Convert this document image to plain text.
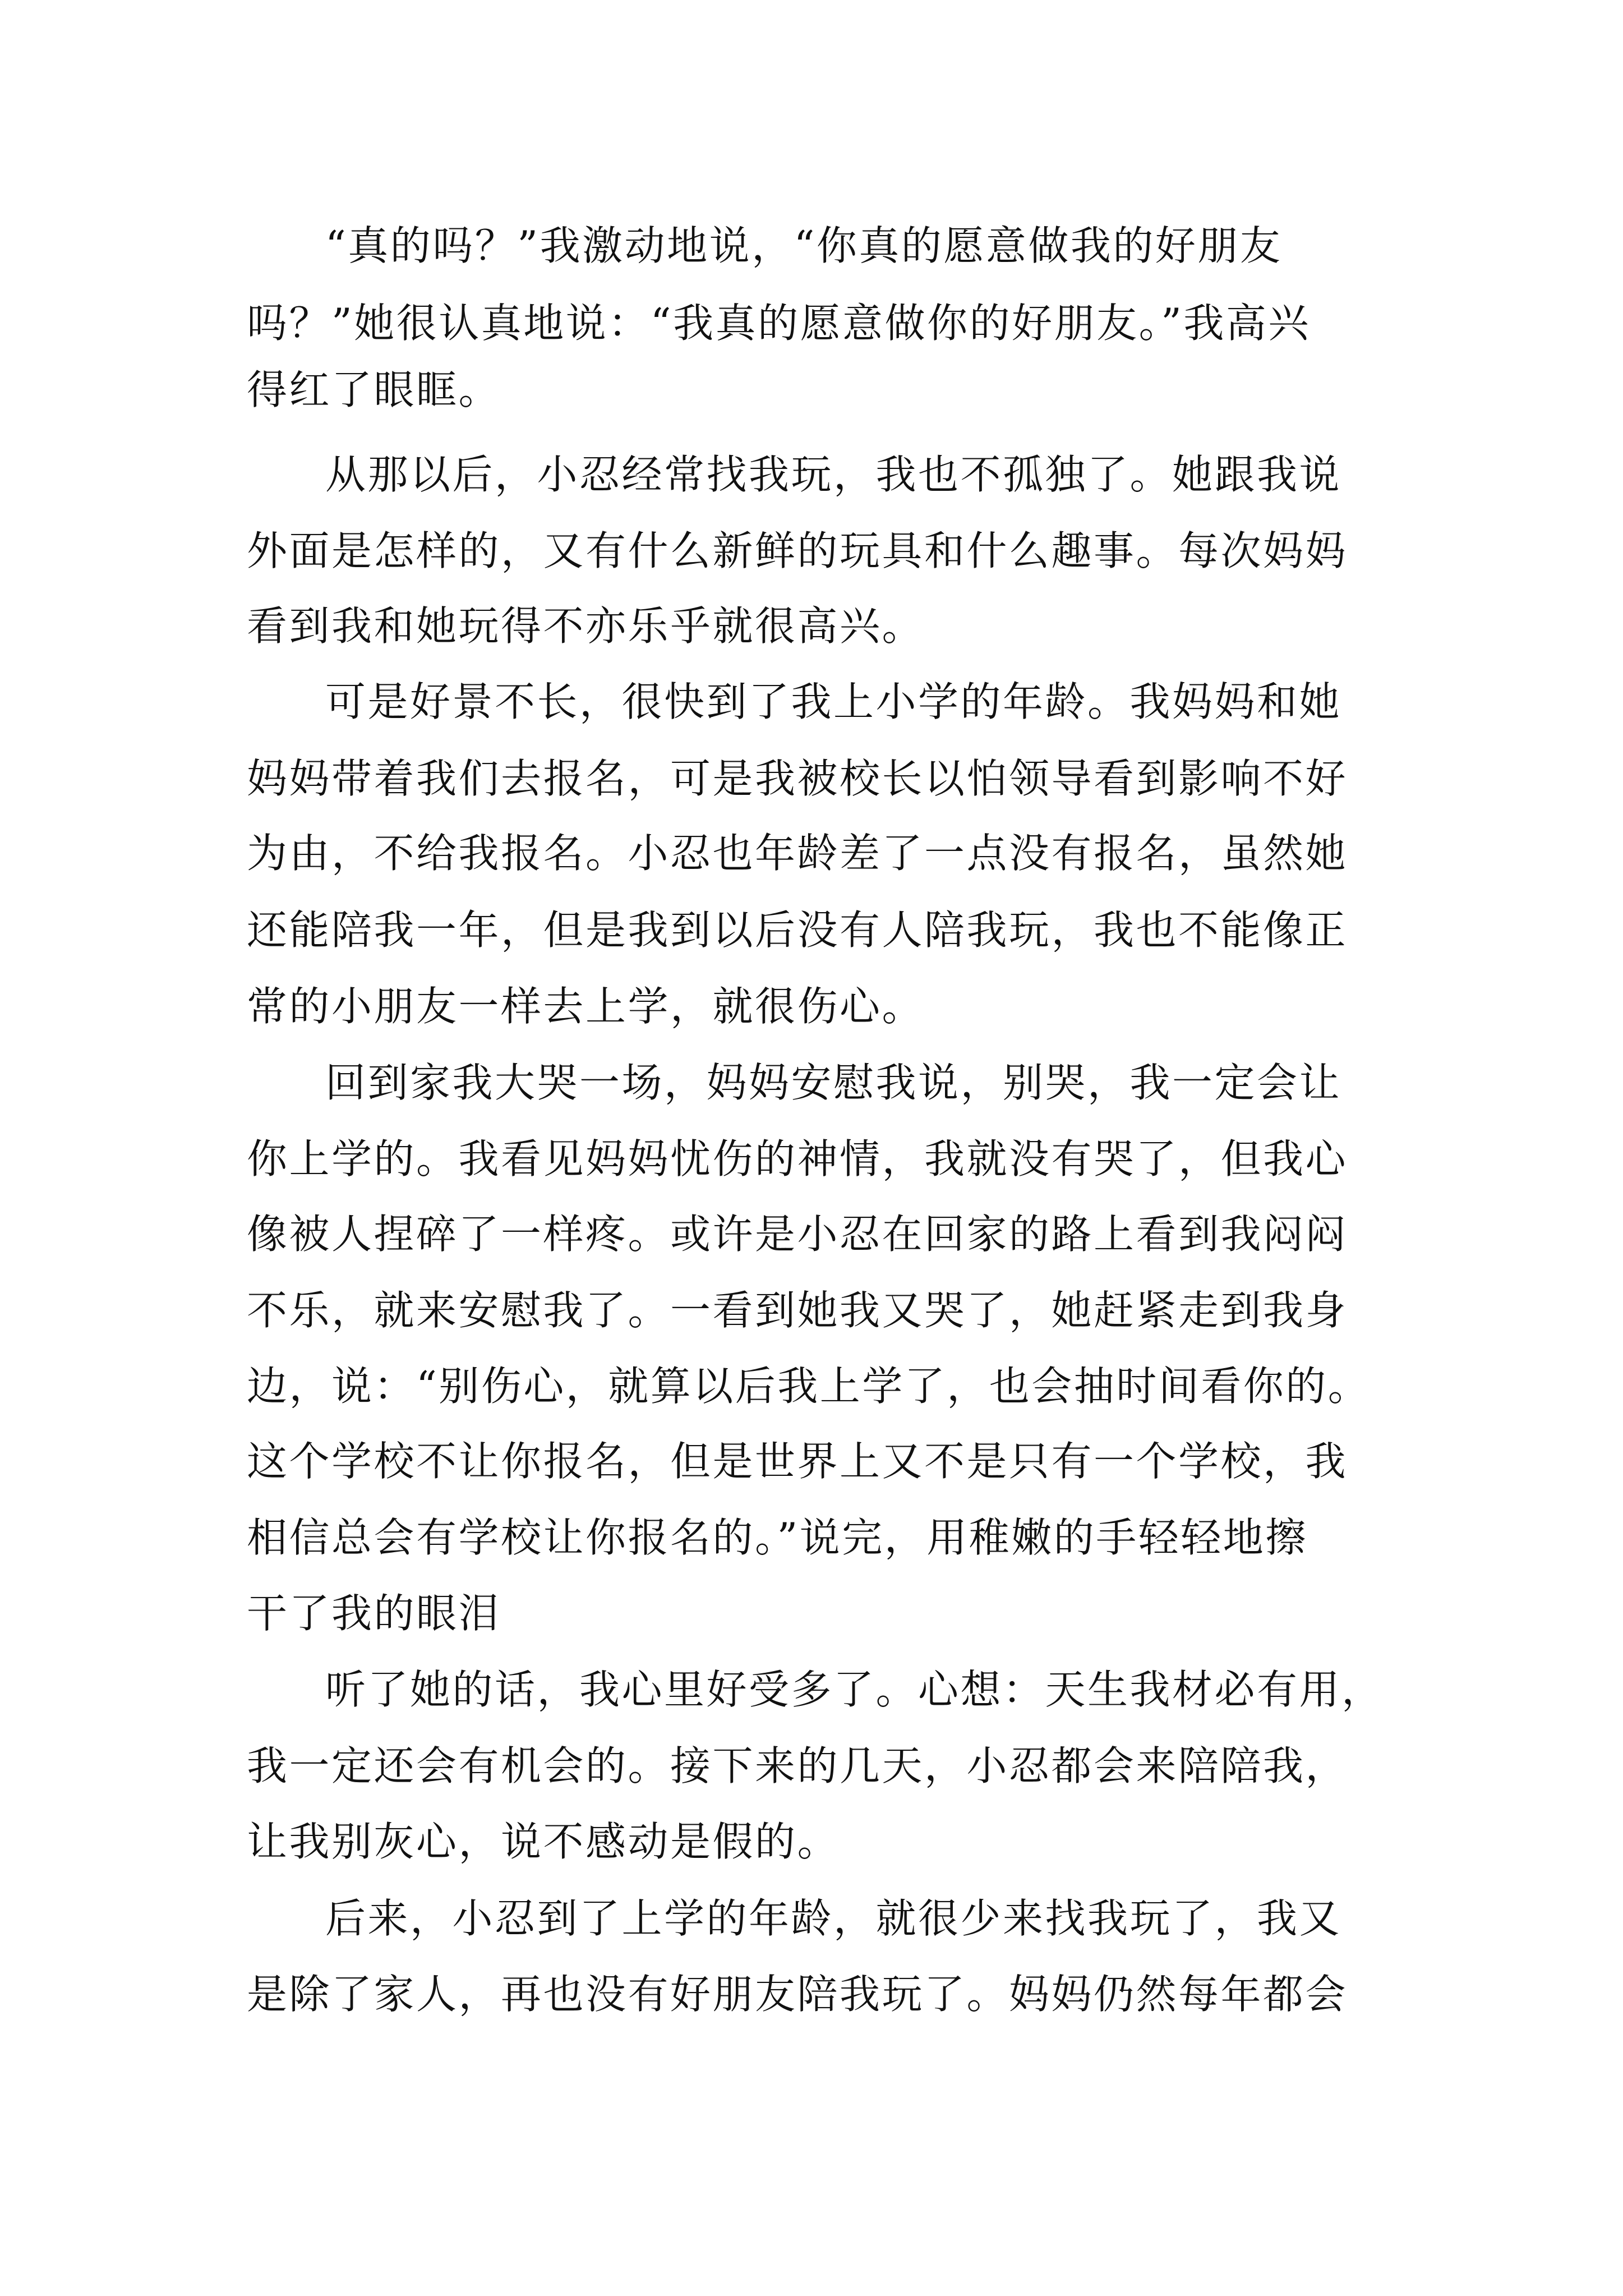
“真的吗？”我激动地说，“你真的愿意做我的好朋友
吗？”她很认真地说：“我真的愿意做你的好朋友。”我高兴
得红了眼眶。
从那以后，小忍经常找我玩，我也不孤独了。她跟我说
外面是怎样的，又有什么新鲜的玩具和什么趣事。每次妈妈
看到我和她玩得不亦乐乎就很高兴。
可是好景不长，很快到了我上小学的年龄。我妈妈和她
妈妈带着我们去报名，可是我被校长以怕领导看到影响不好
为由，不给我报名。小忍也年龄差了一点没有报名，虽然她
还能陪我一年，但是我到以后没有人陪我玩，我也不能像正
常的小朋友一样去上学，就很伤心。
回到家我大哭一场，妈妈安慰我说，别哭，我一定会让
你上学的。我看见妈妈忧伤的神情，我就没有哭了，但我心
像被人捏碎了一样疼。或许是小忍在回家的路上看到我闷闷
不乐，就来安慰我了。一看到她我又哭了，她赶紧走到我身
边，说：“别伤心，就算以后我上学了，也会抽时间看你的。
这个学校不让你报名，但是世界上又不是只有一个学校，我
相信总会有学校让你报名的。”说完，用稚嫩的手轻轻地擦
干了我的眼泪
听了她的话，我心里好受多了。心想：天生我材必有用，
我一定还会有机会的。接下来的几天，小忍都会来陪陪我，
让我别灰心，说不感动是假的。
后来，小忍到了上学的年龄，就很少来找我玩了，我又
是除了家人，再也没有好朋友陪我玩了。妈妈仍然每年都会
